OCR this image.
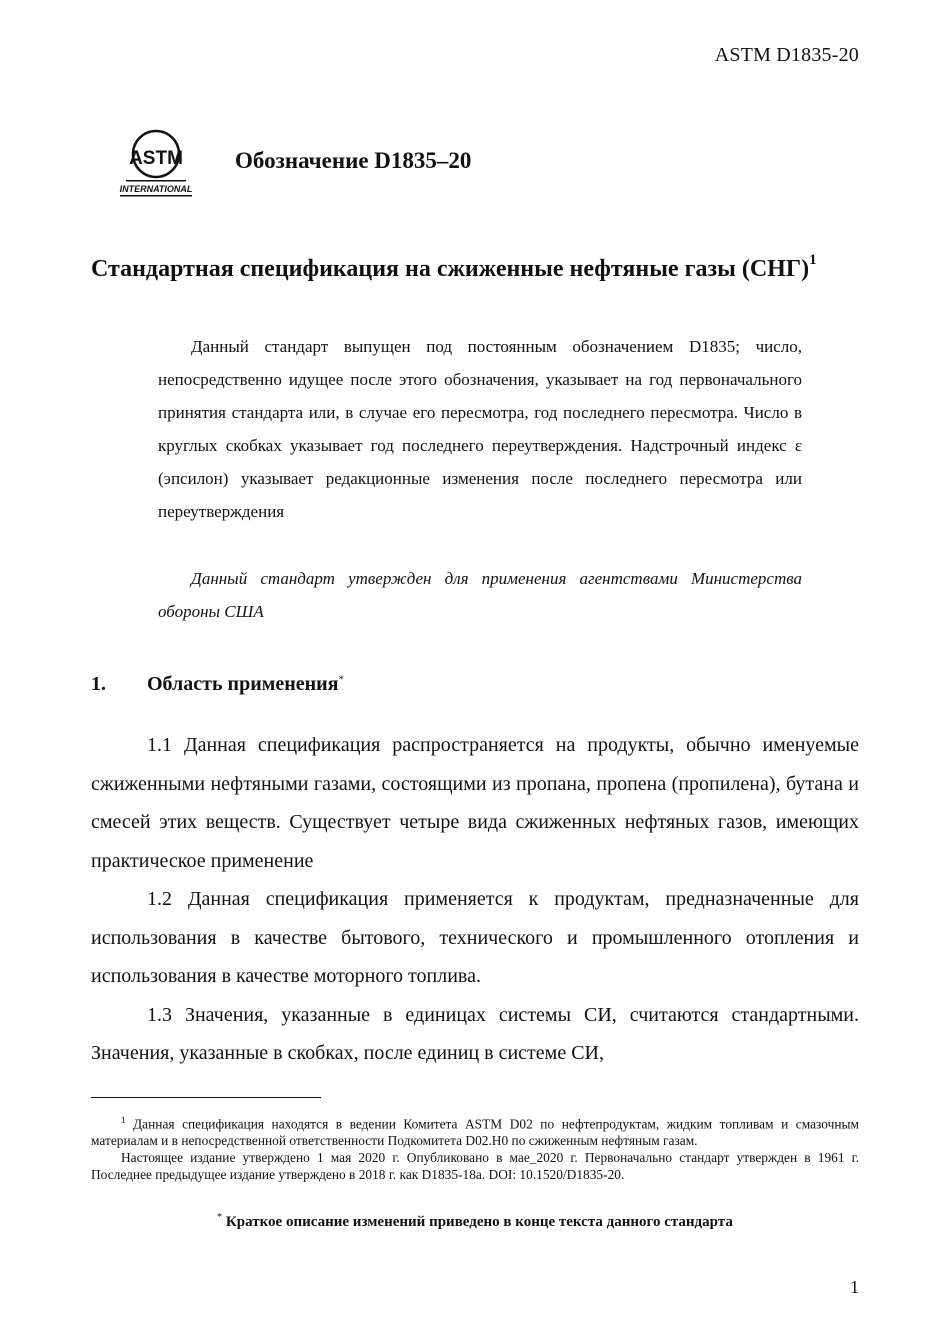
ASTM D1835-20
ASTM
INTERNATIONAL
Обозначение D1835–20
Стандартная спецификация на сжиженные нефтяные газы (СНГ)$^1$

Данный стандарт выпущен под постоянным обозначением D1835; число, непосредственно идущее после этого обозначения, указывает на год первоначального принятия стандарта или, в случае его пересмотра, год последнего пересмотра. Число в круглых скобках указывает год последнего переутверждения. Надстрочный индекс ε (эпсилон) указывает редакционные изменения после последнего пересмотра или переутверждения

Данный стандарт утвержден для применения агентствами Министерства обороны США

1. Область применения*

1.1 Данная спецификация распространяется на продукты, обычно именуемые сжиженными нефтяными газами, состоящими из пропана, пропена (пропилена), бутана и смесей этих веществ. Существует четыре вида сжиженных нефтяных газов, имеющих практическое применение

1.2 Данная спецификация применяется к продуктам, предназначенные для использования в качестве бытового, технического и промышленного отопления и использования в качестве моторного топлива.

1.3 Значения, указанные в единицах системы СИ, считаются стандартными. Значения, указанные в скобках, после единиц в системе СИ,

$^1$ Данная спецификация находятся в ведении Комитета ASTM D02 по нефтепродуктам, жидким топливам и смазочным материалам и в непосредственной ответственности Подкомитета D02.H0 по сжиженным нефтяным газам.

Настоящее издание утверждено 1 мая 2020 г. Опубликовано в мае_2020 г. Первоначально стандарт утвержден в 1961 г. Последнее предыдущее издание утверждено в 2018 г. как D1835-18a. DOI: 10.1520/D1835-20.

* Краткое описание изменений приведено в конце текста данного стандарта
1
